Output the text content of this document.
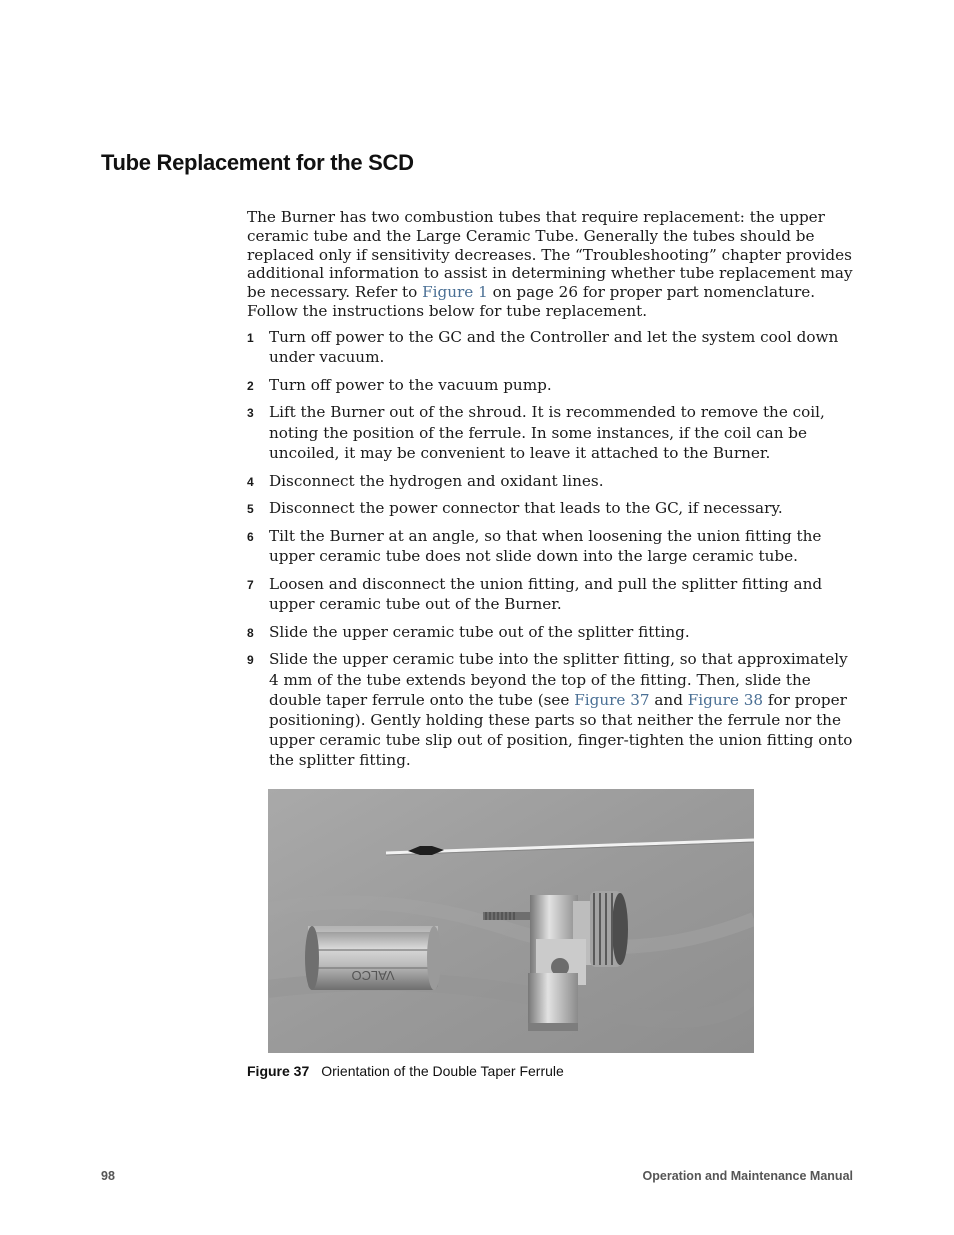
Tube Replacement for the SCD

The Burner has two combustion tubes that require replacement: the upper ceramic tube and the Large Ceramic Tube. Generally the tubes should be replaced only if sensitivity decreases. The “Troubleshooting” chapter provides additional information to assist in determining whether tube replacement may be necessary. Refer to Figure 1 on page 26 for proper part nomenclature. Follow the instructions below for tube replacement.

1 Turn off power to the GC and the Controller and let the system cool down under vacuum.
2 Turn off power to the vacuum pump.
3 Lift the Burner out of the shroud. It is recommended to remove the coil, noting the position of the ferrule. In some instances, if the coil can be uncoiled, it may be convenient to leave it attached to the Burner.
4 Disconnect the hydrogen and oxidant lines.
5 Disconnect the power connector that leads to the GC, if necessary.
6 Tilt the Burner at an angle, so that when loosening the union fitting the upper ceramic tube does not slide down into the large ceramic tube.
7 Loosen and disconnect the union fitting, and pull the splitter fitting and upper ceramic tube out of the Burner.
8 Slide the upper ceramic tube out of the splitter fitting.
9 Slide the upper ceramic tube into the splitter fitting, so that approximately 4 mm of the tube extends beyond the top of the fitting. Then, slide the double taper ferrule onto the tube (see Figure 37 and Figure 38 for proper positioning). Gently holding these parts so that neither the ferrule nor the upper ceramic tube slip out of position, finger-tighten the union fitting onto the splitter fitting.
VALCO
Figure 37 Orientation of the Double Taper Ferrule
98	Operation and Maintenance Manual
